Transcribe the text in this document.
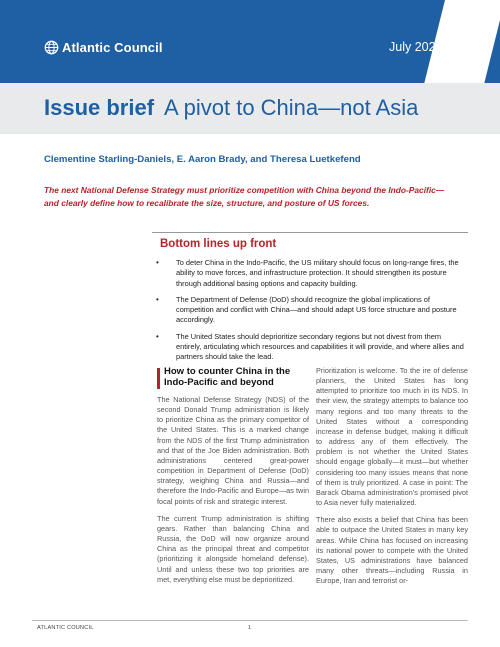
Atlantic Council	July 2025
Issue brief A pivot to China—not Asia
Clementine Starling-Daniels, E. Aaron Brady, and Theresa Luetkefend
The next National Defense Strategy must prioritize competition with China beyond the Indo-Pacific—
and clearly define how to recalibrate the size, structure, and posture of US forces.
Bottom lines up front
• To deter China in the Indo-Pacific, the US military should focus on long-range fires, the ability to move forces, and infrastructure protection. It should strengthen its posture through additional basing options and capacity building.
• The Department of Defense (DoD) should recognize the global implications of competition and conflict with China—and should adapt US force structure and posture accordingly.
• The United States should deprioritize secondary regions but not divest from them entirely, articulating which resources and capabilities it will provide, and where allies and partners should take the lead.
How to counter China in the
Indo-Pacific and beyond

The National Defense Strategy (NDS) of the second Donald Trump administration is likely to prioritize China as the primary competitor of the United States. This is a marked change from the NDS of the first Trump administration and that of the Joe Biden administration. Both administrations centered great-power competition in Department of Defense (DoD) strategy, weighing China and Russia—and therefore the Indo-Pacific and Europe—as twin focal points of risk and strategic interest.

The current Trump administration is shifting gears. Rather than balancing China and Russia, the DoD will now organize around China as the principal threat and competitor (prioritizing it alongside homeland defense). Until and unless these two top priorities are met, everything else must be deprioritized.

Prioritization is welcome. To the ire of defense planners, the United States has long attempted to prioritize too much in its NDS. In their view, the strategy attempts to balance too many regions and too many threats to the United States without a corresponding increase in defense budget, making it difficult to address any of them effectively. The problem is not whether the United States should engage globally—it must—but whether considering too many issues means that none of them is truly prioritized. A case in point: The Barack Obama administration's promised pivot to Asia never fully materialized.

There also exists a belief that China has been able to outpace the United States in many key areas. While China has focused on increasing its national power to compete with the United States, US administrations have balanced many other threats—including Russia in Europe, Iran and terrorist or-

ATLANTIC COUNCIL	1
